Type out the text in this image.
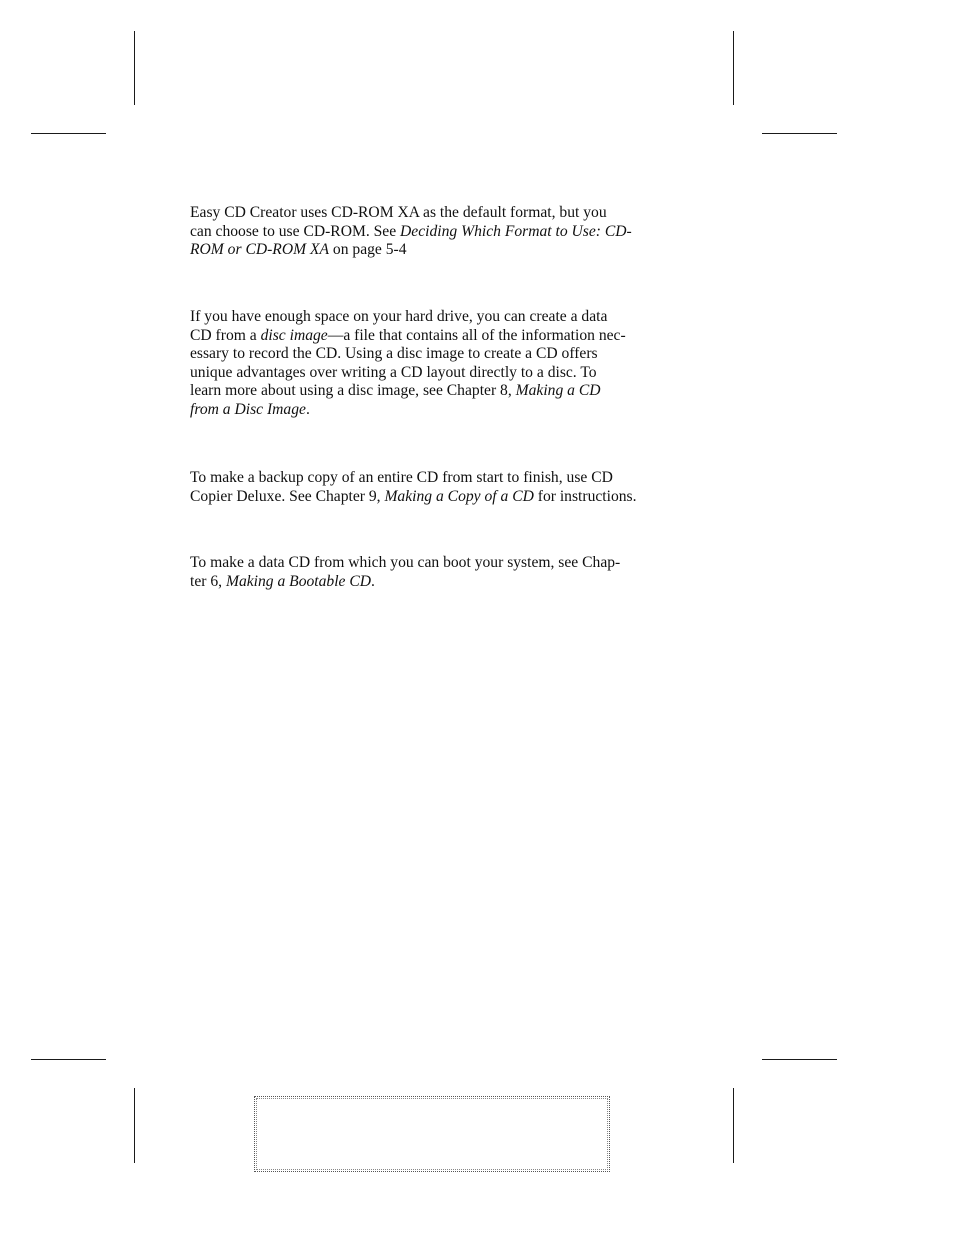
Easy CD Creator uses CD-ROM XA as the default format, but you
can choose to use CD-ROM. See Deciding Which Format to Use: CD-
ROM or CD-ROM XA on page 5-4

If you have enough space on your hard drive, you can create a data
CD from a disc image—a file that contains all of the information nec-
essary to record the CD. Using a disc image to create a CD offers
unique advantages over writing a CD layout directly to a disc. To
learn more about using a disc image, see Chapter 8, Making a CD
from a Disc Image.

To make a backup copy of an entire CD from start to finish, use CD
Copier Deluxe. See Chapter 9, Making a Copy of a CD for instructions.

To make a data CD from which you can boot your system, see Chap-
ter 6, Making a Bootable CD.
